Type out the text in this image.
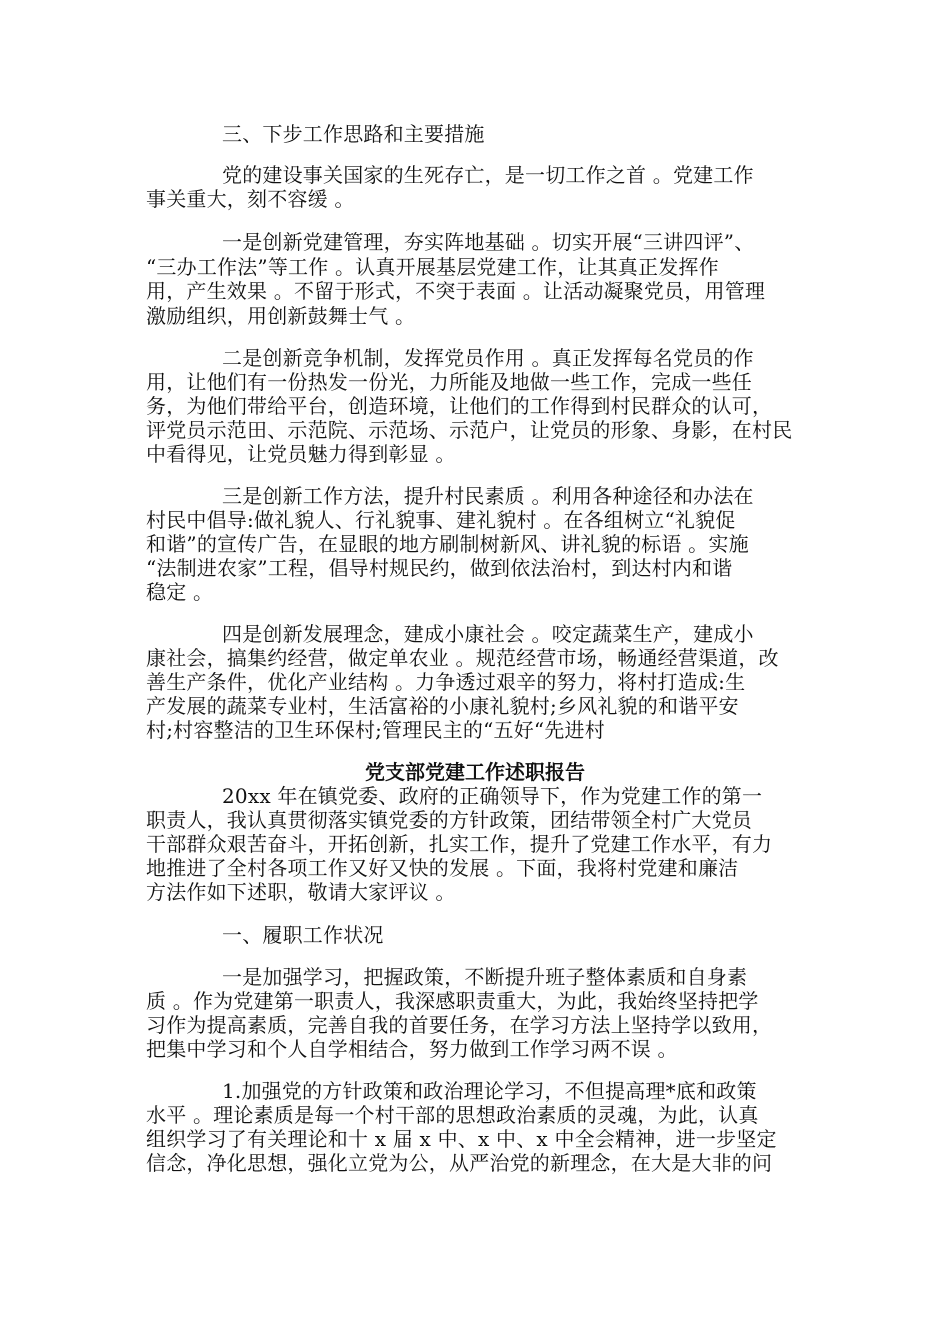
三、下步工作思路和主要措施
党的建设事关国家的生死存亡，是一切工作之首 。党建工作
事关重大，刻不容缓 。
一是创新党建管理，夯实阵地基础 。切实开展“三讲四评”、
“三办工作法”等工作 。认真开展基层党建工作，让其真正发挥作
用，产生效果 。不留于形式，不突于表面 。让活动凝聚党员，用管理
激励组织，用创新鼓舞士气 。
二是创新竞争机制，发挥党员作用 。真正发挥每名党员的作
用，让他们有一份热发一份光，力所能及地做一些工作，完成一些任
务，为他们带给平台，创造环境，让他们的工作得到村民群众的认可，
评党员示范田、示范院、示范场、示范户，让党员的形象、身影，在村民
中看得见，让党员魅力得到彰显 。
三是创新工作方法，提升村民素质 。利用各种途径和办法在
村民中倡导:做礼貌人、行礼貌事、建礼貌村 。在各组树立“礼貌促
和谐”的宣传广告，在显眼的地方刷制树新风、讲礼貌的标语 。实施
“法制进农家”工程，倡导村规民约，做到依法治村，到达村内和谐
稳定 。
四是创新发展理念，建成小康社会 。咬定蔬菜生产，建成小
康社会，搞集约经营，做定单农业 。规范经营市场，畅通经营渠道，改
善生产条件，优化产业结构 。力争透过艰辛的努力，将村打造成:生
产发展的蔬菜专业村，生活富裕的小康礼貌村;乡风礼貌的和谐平安
村;村容整洁的卫生环保村;管理民主的“五好“先进村
党支部党建工作述职报告
20xx 年在镇党委、政府的正确领导下，作为党建工作的第一
职责人，我认真贯彻落实镇党委的方针政策，团结带领全村广大党员
干部群众艰苦奋斗，开拓创新，扎实工作，提升了党建工作水平，有力
地推进了全村各项工作又好又快的发展 。下面，我将村党建和廉洁
方法作如下述职，敬请大家评议 。
一、履职工作状况
一是加强学习，把握政策，不断提升班子整体素质和自身素
质 。作为党建第一职责人，我深感职责重大，为此，我始终坚持把学
习作为提高素质，完善自我的首要任务，在学习方法上坚持学以致用，
把集中学习和个人自学相结合，努力做到工作学习两不误 。
1.加强党的方针政策和政治理论学习，不但提高理*底和政策
水平 。理论素质是每一个村干部的思想政治素质的灵魂，为此，认真
组织学习了有关理论和十 x 届 x 中、x 中、x 中全会精神，进一步坚定
信念，净化思想，强化立党为公，从严治党的新理念，在大是大非的问
